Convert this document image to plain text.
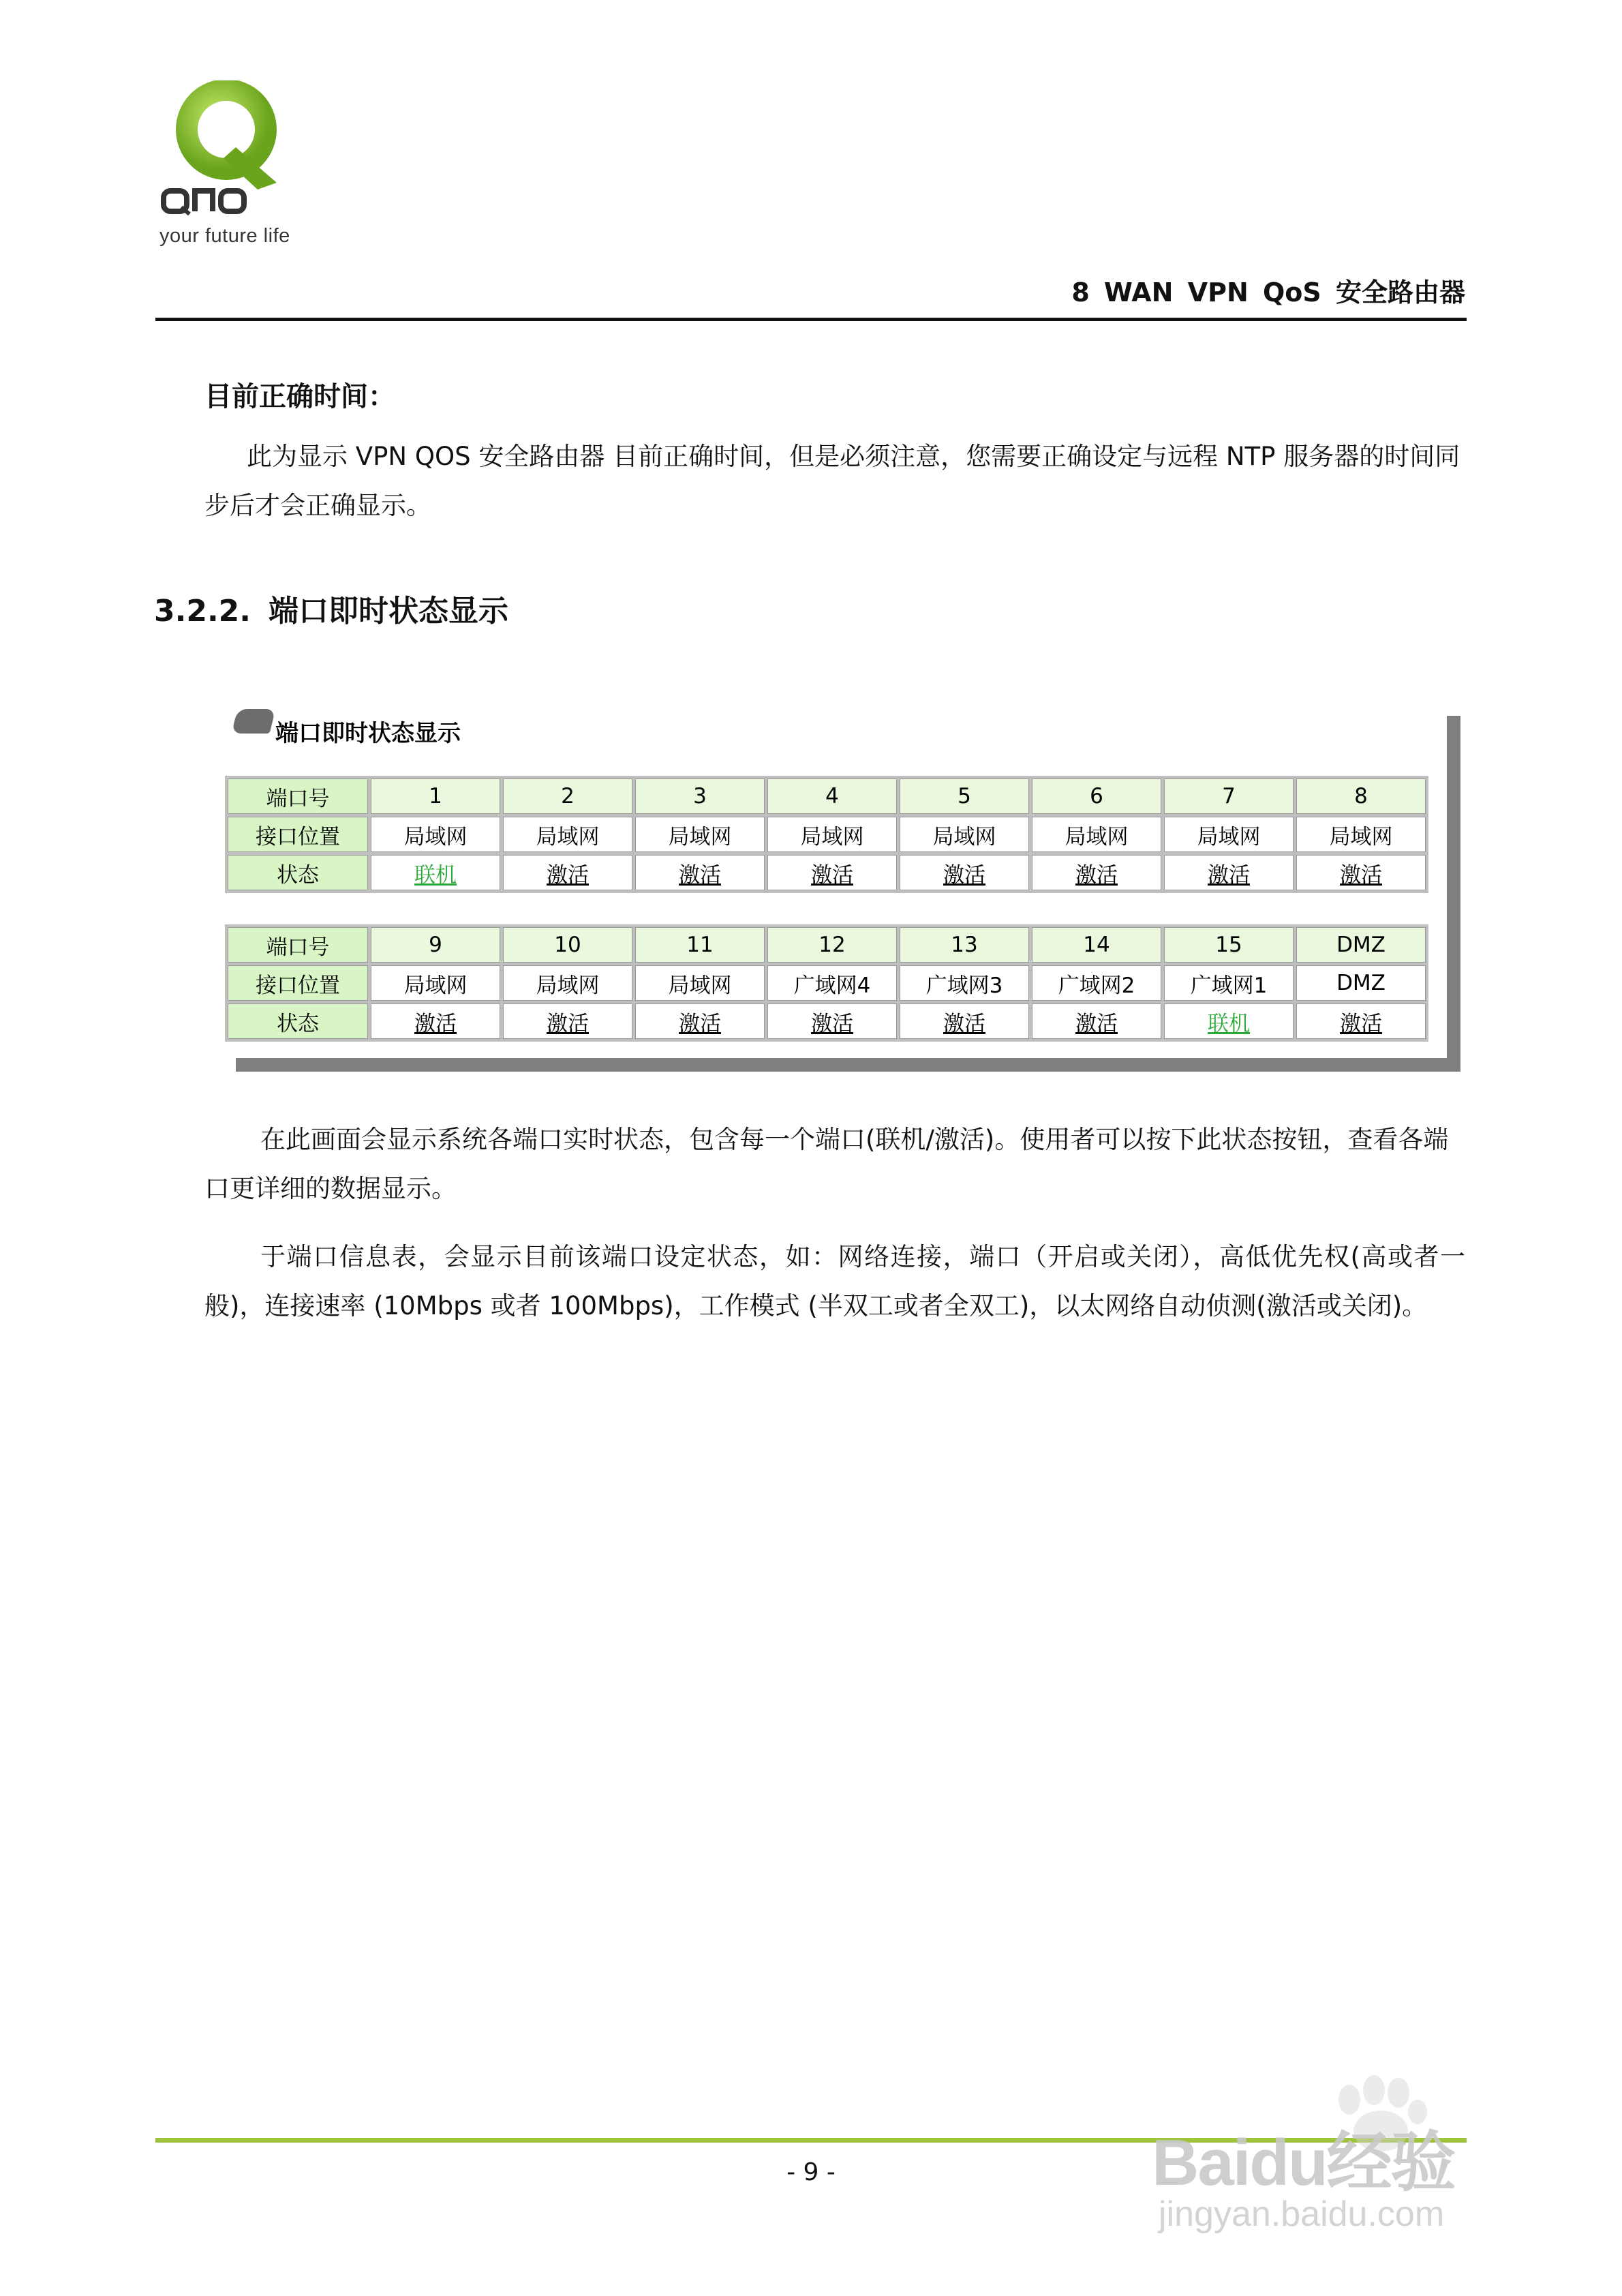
your future life
8 WAN VPN QoS 安全路由器
目前正确时间：
此为显示 VPN QOS 安全路由器 目前正确时间，但是必须注意，您需要正确设定与远程 NTP 服务器的时间同步后才会正确显示。
3.2.2. 端口即时状态显示
端口即时状态显示
端口号	1	2	3	4	5	6	7	8
接口位置	局域网	局域网	局域网	局域网	局域网	局域网	局域网	局域网
状态	联机	激活	激活	激活	激活	激活	激活	激活
端口号	9	10	11	12	13	14	15	DMZ
接口位置	局域网	局域网	局域网	广域网4	广域网3	广域网2	广域网1	DMZ
状态	激活	激活	激活	激活	激活	激活	联机	激活
在此画面会显示系统各端口实时状态，包含每一个端口(联机/激活)。使用者可以按下此状态按钮，查看各端口更详细的数据显示。
于端口信息表，会显示目前该端口设定状态，如：网络连接，端口（开启或关闭），高低优先权(高或者一般)，连接速率 (10Mbps 或者 100Mbps)，工作模式 (半双工或者全双工)，以太网络自动侦测(激活或关闭)。
- 9 -	Baidu经验
jingyan.baidu.com
